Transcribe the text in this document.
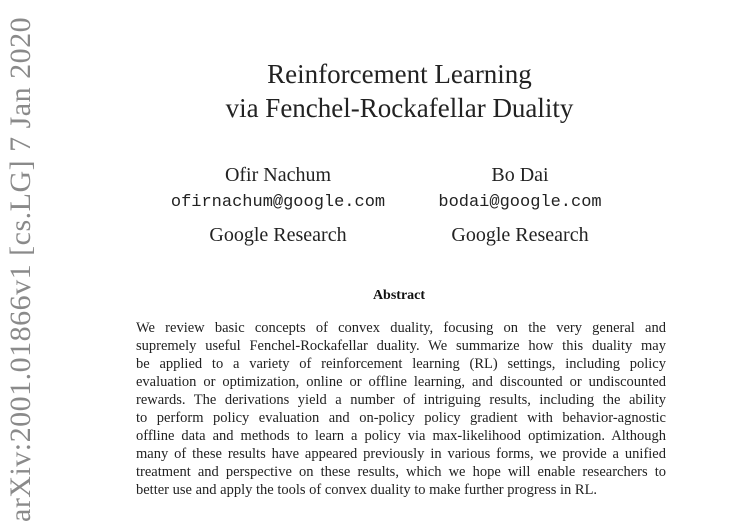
arXiv:2001.01866v1 [cs.LG] 7 Jan 2020	Reinforcement Learning
via Fenchel-Rockafellar Duality
Ofir Nachum
ofirnachum@google.com
Google Research
Bo Dai
bodai@google.com
Google Research
Abstract
We review basic concepts of convex duality, focusing on the very general and
supremely useful Fenchel-Rockafellar duality. We summarize how this duality may
be applied to a variety of reinforcement learning (RL) settings, including policy
evaluation or optimization, online or offline learning, and discounted or undiscounted
rewards. The derivations yield a number of intriguing results, including the ability
to perform policy evaluation and on-policy policy gradient with behavior-agnostic
offline data and methods to learn a policy via max-likelihood optimization. Although
many of these results have appeared previously in various forms, we provide a unified
treatment and perspective on these results, which we hope will enable researchers to
better use and apply the tools of convex duality to make further progress in RL.
